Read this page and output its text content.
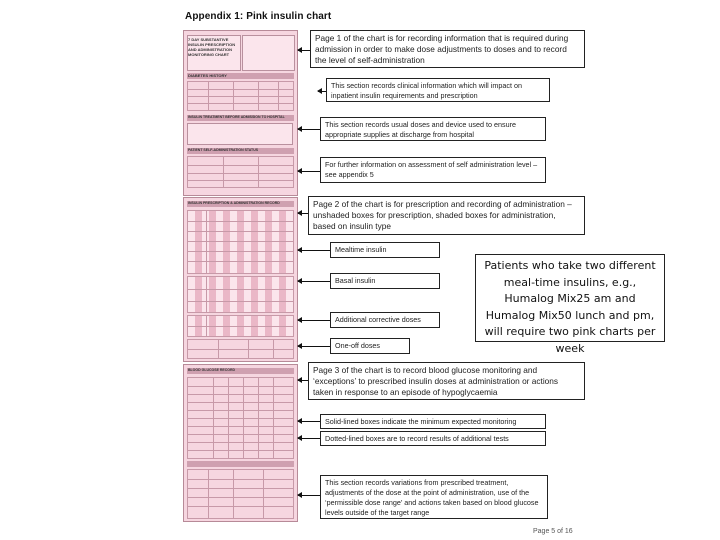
Appendix 1: Pink insulin chart
7 DAY SUBSTANTIVE INSULIN PRESCRIPTION AND ADMINISTRATION MONITORING CHART
DIABETES HISTORY
INSULIN TREATMENT BEFORE ADMISSION TO HOSPITAL
PATIENT SELF-ADMINISTRATION STATUS
INSULIN PRESCRIPTION & ADMINISTRATION RECORD
BLOOD GLUCOSE RECORD
Page 1 of the chart is for recording information that is required during admission in order to make dose adjustments to doses and to record the level of self-administration
This section records clinical information which will impact on inpatient insulin requirements and prescription
This section records usual doses and device used to ensure appropriate supplies at discharge from hospital
For further information on assessment of self administration level – see appendix 5
Page 2 of the chart is for prescription and recording of administration – unshaded boxes for prescription, shaded boxes for administration, based on insulin type
Mealtime insulin
Basal insulin
Additional corrective doses
One-off doses
Page 3 of the chart is to record blood glucose monitoring and ‘exceptions’ to prescribed insulin doses at administration or actions taken in response to an episode of hypoglycaemia
Solid-lined boxes indicate the minimum expected monitoring
Dotted-lined boxes are to record results of additional tests
This section records variations from prescribed treatment, adjustments of the dose at the point of administration, use of the ‘permissible dose range’ and actions taken based on blood glucose levels outside of the target range
Patients who take two different meal-time insulins, e.g., Humalog Mix25 am and Humalog Mix50 lunch and pm, will require two pink charts per week
Page 5 of 16
